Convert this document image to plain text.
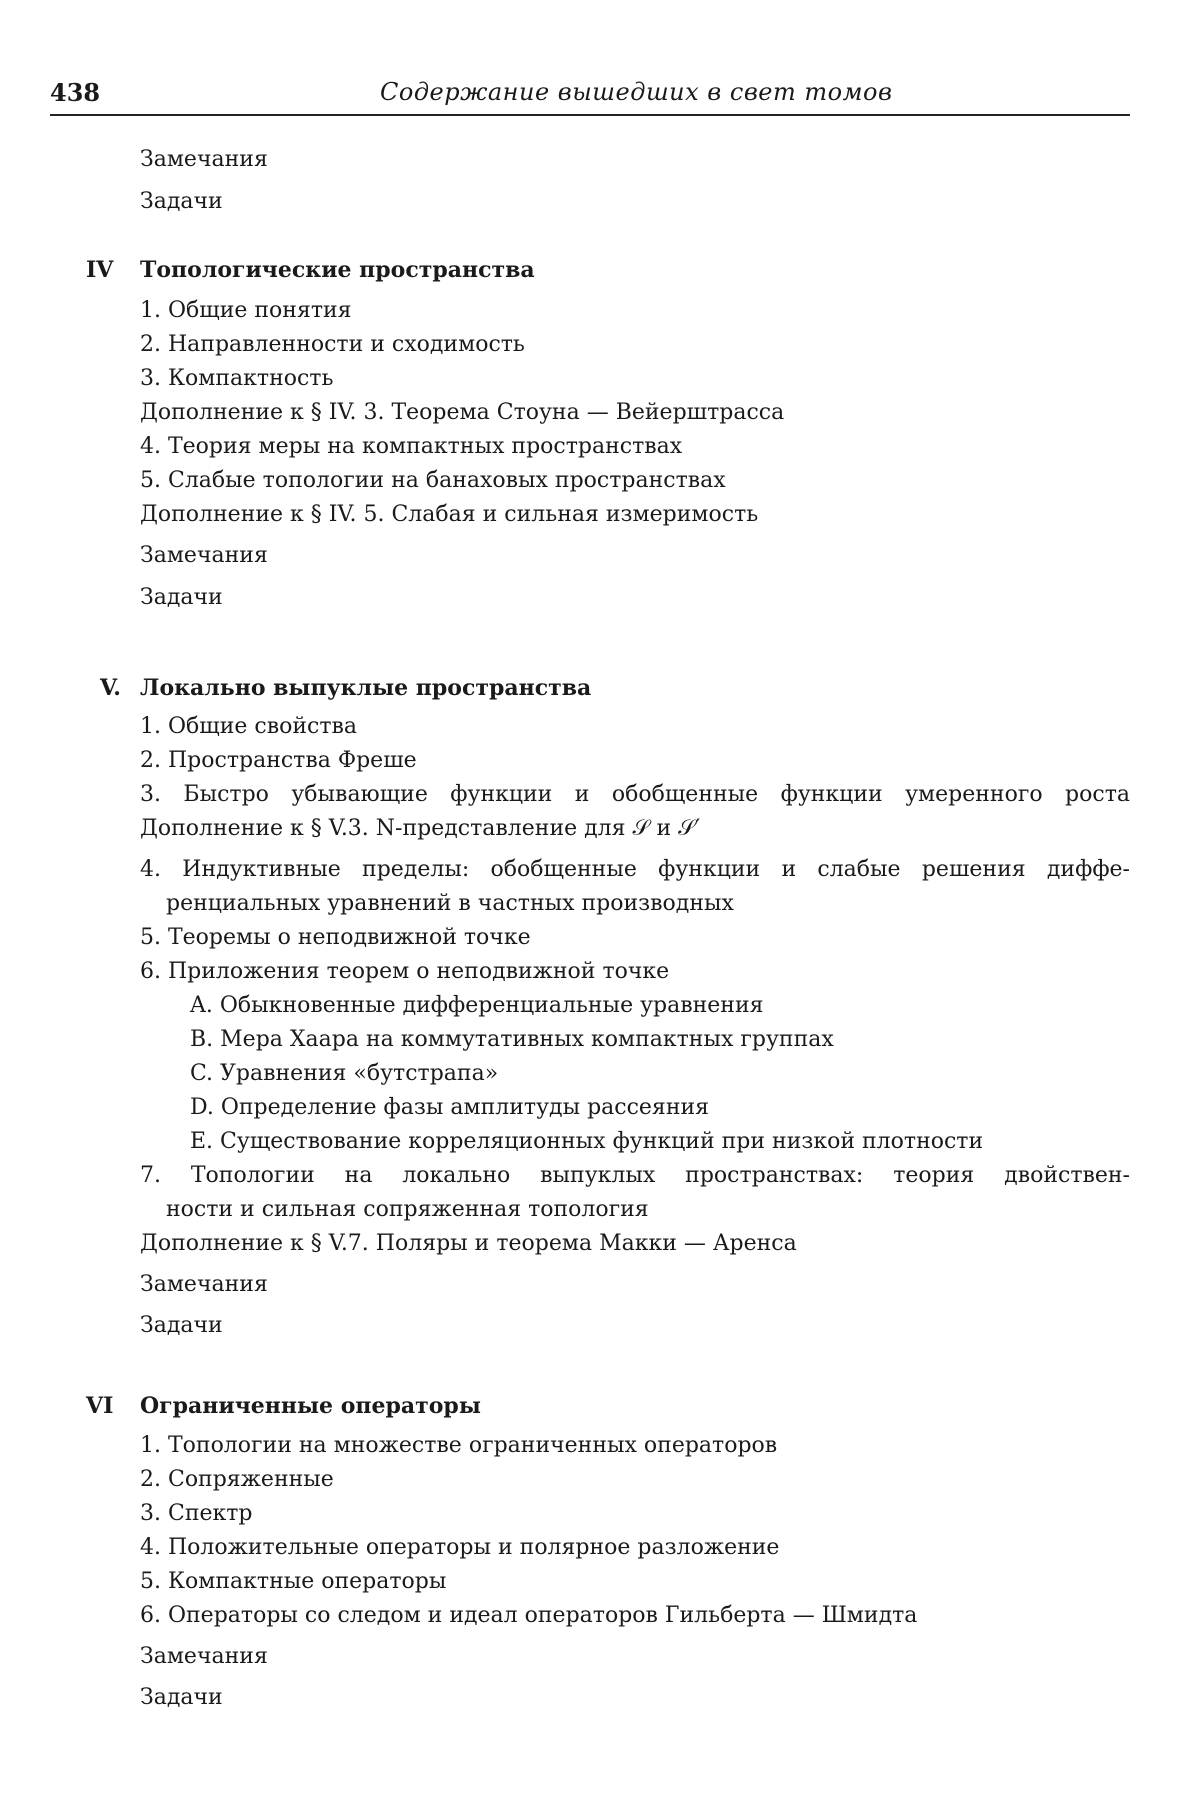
438	Содержание вышедших в свет томов
Замечания
Задачи
IV Топологические пространства
1. Общие понятия
2. Направленности и сходимость
3. Компактность
Дополнение к § IV. 3. Теорема Стоуна — Вейерштрасса
4. Теория меры на компактных пространствах
5. Слабые топологии на банаховых пространствах
Дополнение к § IV. 5. Слабая и сильная измеримость
Замечания
Задачи
V. Локально выпуклые пространства
1. Общие свойства
2. Пространства Фреше
3. Быстро убывающие функции и обобщенные функции умеренного роста
Дополнение к § V.3. N-представление для 𝒮 и 𝒮′
4. Индуктивные пределы: обобщенные функции и слабые решения диффе-
ренциальных уравнений в частных производных
5. Теоремы о неподвижной точке
6. Приложения теорем о неподвижной точке
A. Обыкновенные дифференциальные уравнения
B. Мера Хаара на коммутативных компактных группах
C. Уравнения «бутстрапа»
D. Определение фазы амплитуды рассеяния
E. Существование корреляционных функций при низкой плотности
7. Топологии на локально выпуклых пространствах: теория двойствен-
ности и сильная сопряженная топология
Дополнение к § V.7. Поляры и теорема Макки — Аренса
Замечания
Задачи
VI Ограниченные операторы
1. Топологии на множестве ограниченных операторов
2. Сопряженные
3. Спектр
4. Положительные операторы и полярное разложение
5. Компактные операторы
6. Операторы со следом и идеал операторов Гильберта — Шмидта
Замечания
Задачи
